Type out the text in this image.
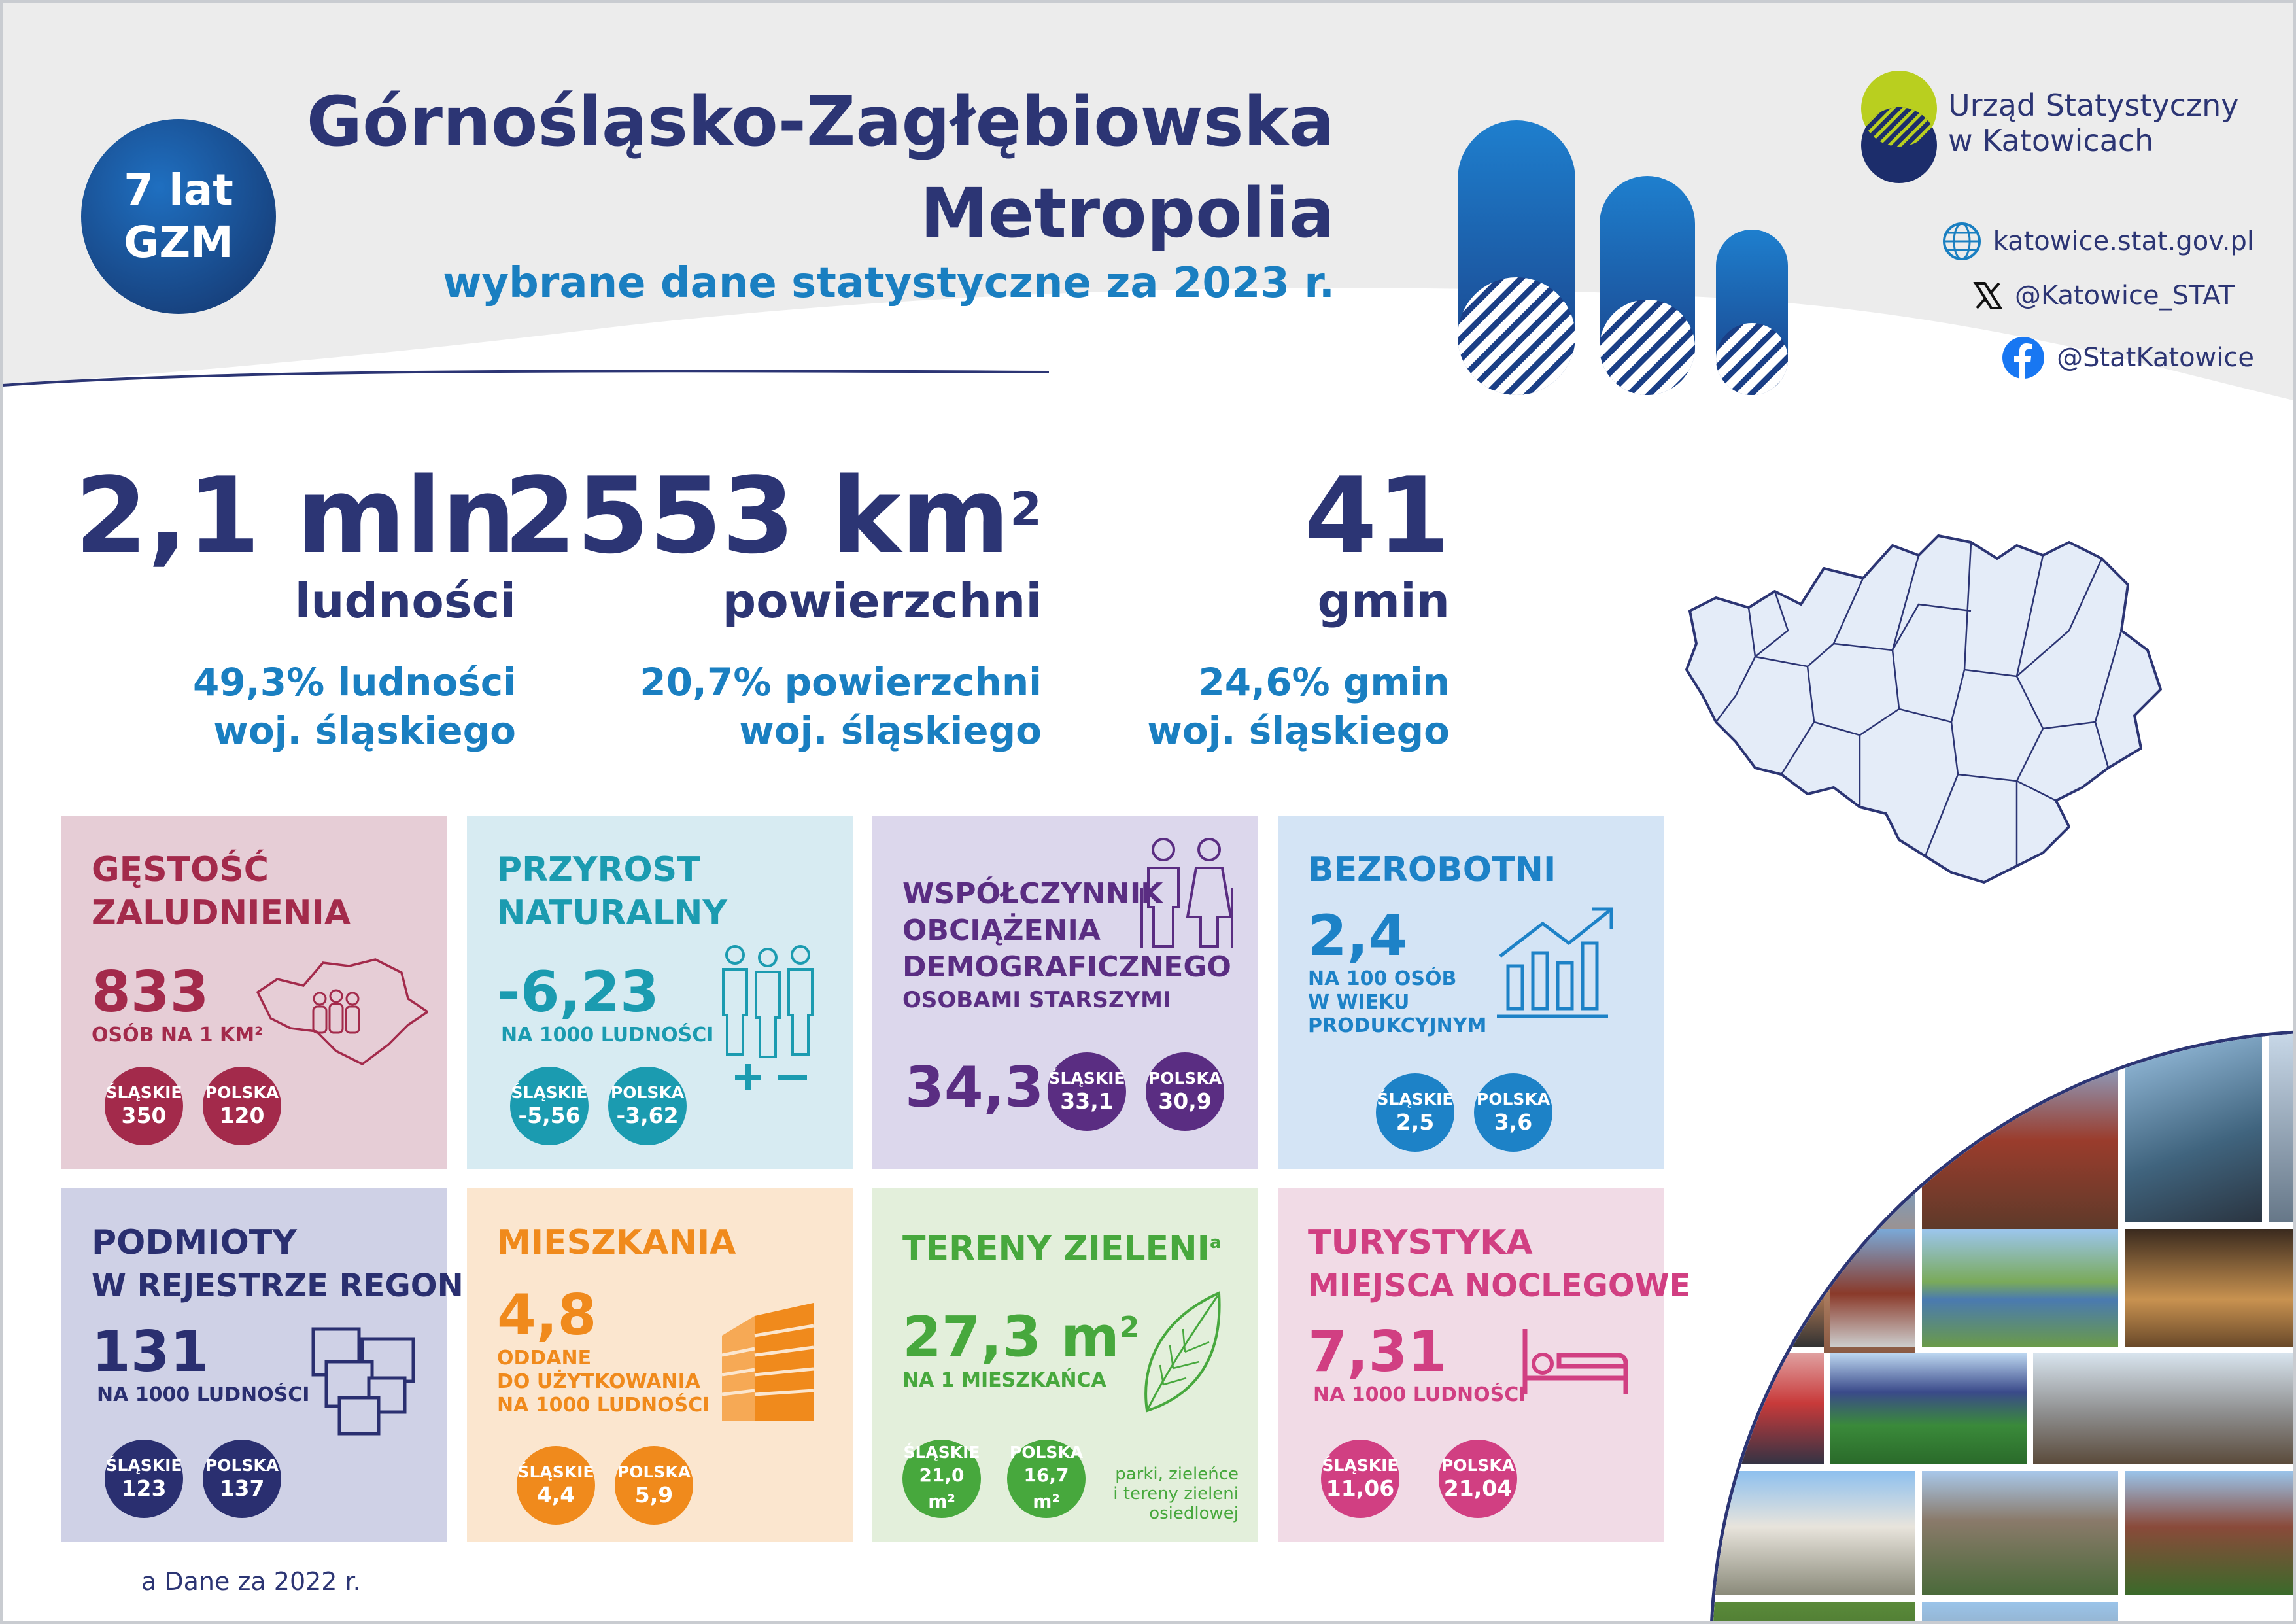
7 lat
GZM
Górnośląsko-Zagłębiowska
Metropolia
wybrane dane statystyczne za 2023 r.
Urząd Statystyczny
w Katowicach
katowice.stat.gov.pl
@Katowice_STAT
@StatKatowice
2,1 mln
ludności
49,3% ludności
woj. śląskiego
2553 $km^2$
powierzchni
20,7% powierzchni
woj. śląskiego
41
gmin
24,6% gmin
woj. śląskiego
GĘSTOŚĆ
ZALUDNIENIA
833
OSÓB NA 1 KM²
ŚLĄSKIE
350
POLSKA
120
PRZYROST
NATURALNY
-6,23
NA 1000 LUDNOŚCI
ŚLĄSKIE
-5,56
POLSKA
-3,62
WSPÓŁCZYNNIK
OBCIĄŻENIA
DEMOGRAFICZNEGO
OSOBAMI STARSZYMI
34,3 ŚLĄSKIE
33,1
POLSKA
30,9
BEZROBOTNI
2,4
NA 100 OSÓB
W WIEKU
PRODUKCYJNYM
ŚLĄSKIE
2,5
POLSKA
3,6
PODMIOTY
W REJESTRZE REGON
131
NA 1000 LUDNOŚCI
ŚLĄSKIE
123
POLSKA
137
MIESZKANIA
4,8
ODDANE
DO UŻYTKOWANIA
NA 1000 LUDNOŚCI
ŚLĄSKIE
4,4
POLSKA
5,9
TERENY ZIELENI$^a$
27,3 $m^2$
NA 1 MIESZKAŃCA
ŚLĄSKIE
21,0 m²
POLSKA
16,7 m²
parki, zieleńce
i tereny zieleni
osiedlowej
TURYSTYKA
MIEJSCA NOCLEGOWE
7,31
NA 1000 LUDNOŚCI
ŚLĄSKIE
11,06
POLSKA
21,04
a Dane za 2022 r.
